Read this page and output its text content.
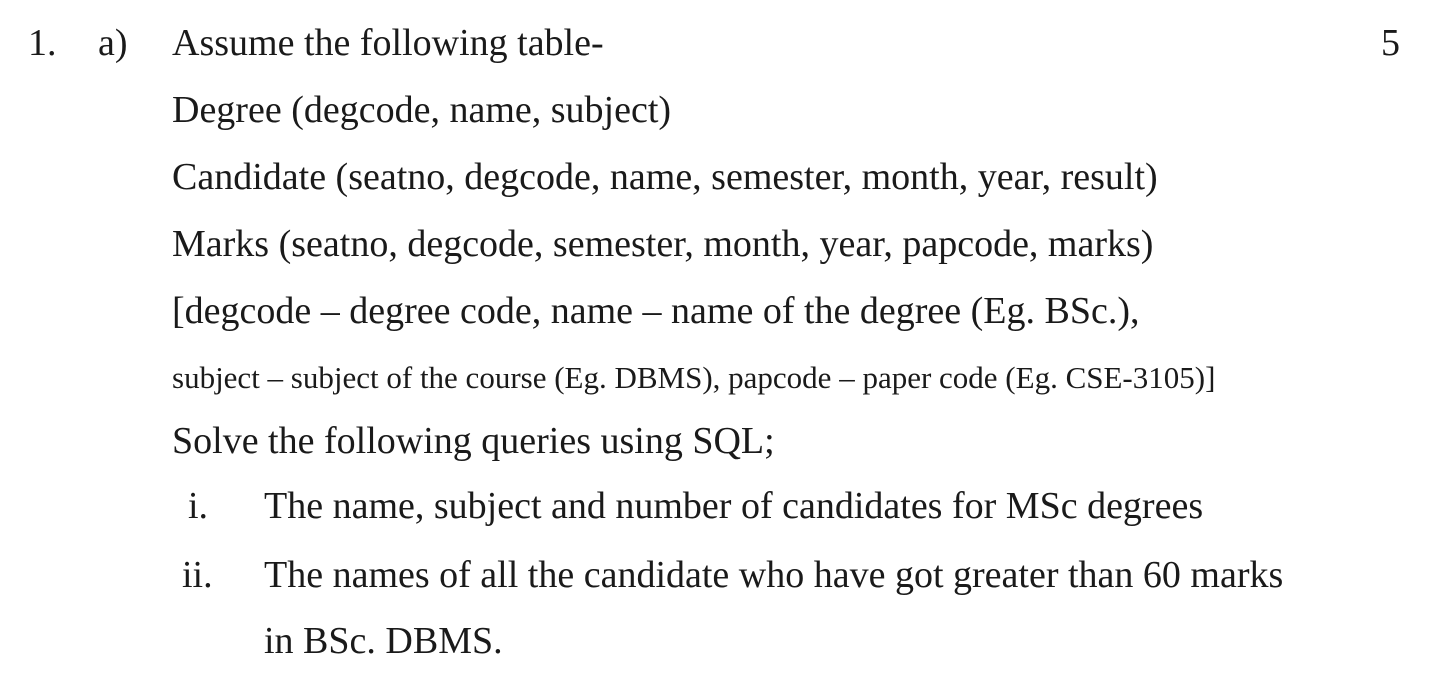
1. a) Assume the following table-	5
Degree (degcode, name, subject)
Candidate (seatno, degcode, name, semester, month, year, result)
Marks (seatno, degcode, semester, month, year, papcode, marks)
[degcode – degree code, name – name of the degree (Eg. BSc.),
subject – subject of the course (Eg. DBMS), papcode – paper code (Eg. CSE-3105)]
Solve the following queries using SQL;
i. The name, subject and number of candidates for MSc degrees
ii. The names of all the candidate who have got greater than 60 marks
in BSc. DBMS.
